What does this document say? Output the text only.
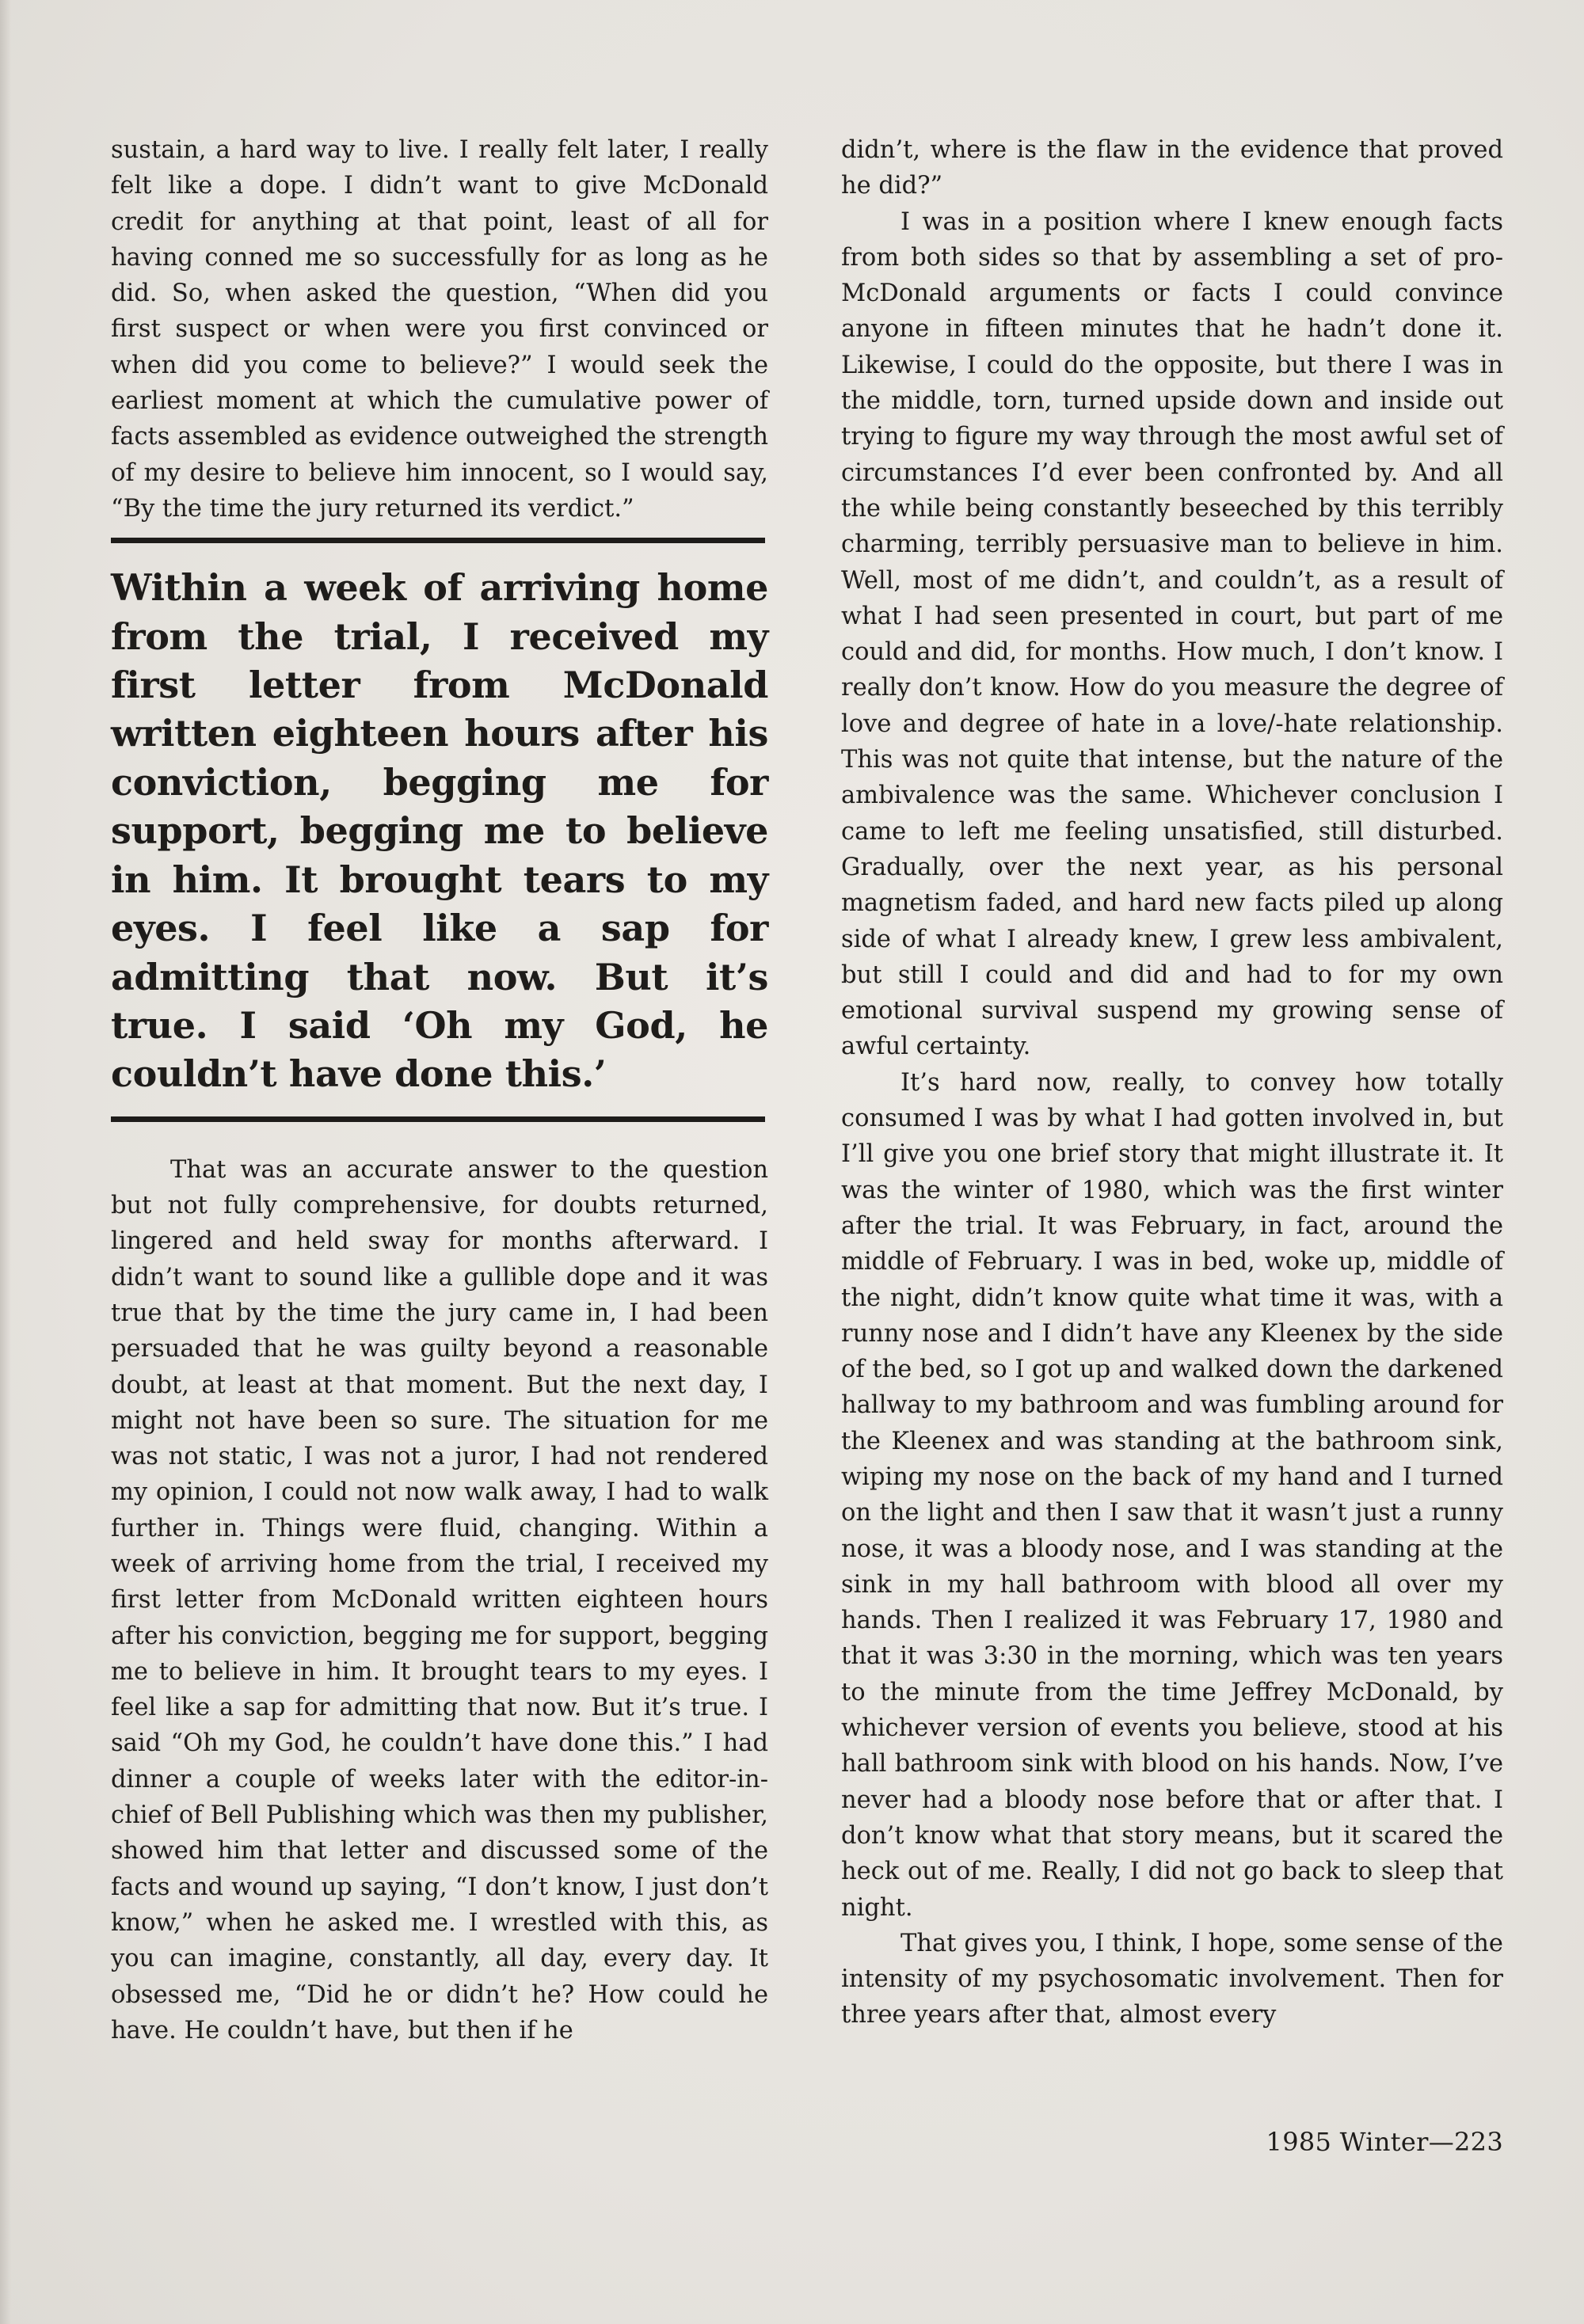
sustain, a hard way to live. I really felt later, I really felt like a dope. I didn’t want to give McDonald credit for anything at that point, least of all for having conned me so successfully for as long as he did. So, when asked the question, “When did you first suspect or when were you first convinced or when did you come to believe?” I would seek the earliest moment at which the cumulative power of facts assembled as evidence outweighed the strength of my desire to believe him innocent, so I would say, “By the time the jury returned its verdict.”

Within a week of arriving home from the trial, I received my first letter from McDonald written eighteen hours after his conviction, begging me for support, begging me to believe in him. It brought tears to my eyes. I feel like a sap for admitting that now. But it’s true. I said ‘Oh my God, he couldn’t have done this.’

That was an accurate answer to the question but not fully comprehensive, for doubts returned, lingered and held sway for months afterward. I didn’t want to sound like a gullible dope and it was true that by the time the jury came in, I had been persuaded that he was guilty beyond a reasonable doubt, at least at that moment. But the next day, I might not have been so sure. The situation for me was not static, I was not a juror, I had not rendered my opinion, I could not now walk away, I had to walk further in. Things were fluid, changing. Within a week of arriving home from the trial, I received my first letter from McDonald written eighteen hours after his conviction, begging me for support, begging me to believe in him. It brought tears to my eyes. I feel like a sap for admitting that now. But it’s true. I said “Oh my God, he couldn’t have done this.” I had dinner a couple of weeks later with the editor-in-chief of Bell Publishing which was then my publisher, showed him that letter and discussed some of the facts and wound up saying, “I don’t know, I just don’t know,” when he asked me. I wrestled with this, as you can imagine, constantly, all day, every day. It obsessed me, “Did he or didn’t he? How could he have. He couldn’t have, but then if he

didn’t, where is the flaw in the evidence that proved he did?”

I was in a position where I knew enough facts from both sides so that by assembling a set of pro-McDonald arguments or facts I could convince anyone in fifteen minutes that he hadn’t done it. Likewise, I could do the opposite, but there I was in the middle, torn, turned upside down and inside out trying to figure my way through the most awful set of circumstances I’d ever been confronted by. And all the while being constantly beseeched by this terribly charming, terribly persuasive man to believe in him. Well, most of me didn’t, and couldn’t, as a result of what I had seen presented in court, but part of me could and did, for months. How much, I don’t know. I really don’t know. How do you measure the degree of love and degree of hate in a love/-hate relationship. This was not quite that intense, but the nature of the ambivalence was the same. Whichever conclusion I came to left me feeling unsatisfied, still disturbed. Gradually, over the next year, as his personal magnetism faded, and hard new facts piled up along side of what I already knew, I grew less ambivalent, but still I could and did and had to for my own emotional survival suspend my growing sense of awful certainty.

It’s hard now, really, to convey how totally consumed I was by what I had gotten involved in, but I’ll give you one brief story that might illustrate it. It was the winter of 1980, which was the first winter after the trial. It was February, in fact, around the middle of February. I was in bed, woke up, middle of the night, didn’t know quite what time it was, with a runny nose and I didn’t have any Kleenex by the side of the bed, so I got up and walked down the darkened hallway to my bathroom and was fumbling around for the Kleenex and was standing at the bathroom sink, wiping my nose on the back of my hand and I turned on the light and then I saw that it wasn’t just a runny nose, it was a bloody nose, and I was standing at the sink in my hall bathroom with blood all over my hands. Then I realized it was February 17, 1980 and that it was 3:30 in the morning, which was ten years to the minute from the time Jeffrey McDonald, by whichever version of events you believe, stood at his hall bathroom sink with blood on his hands. Now, I’ve never had a bloody nose before that or after that. I don’t know what that story means, but it scared the heck out of me. Really, I did not go back to sleep that night.

That gives you, I think, I hope, some sense of the intensity of my psychosomatic involvement. Then for three years after that, almost every

1985 Winter—223
